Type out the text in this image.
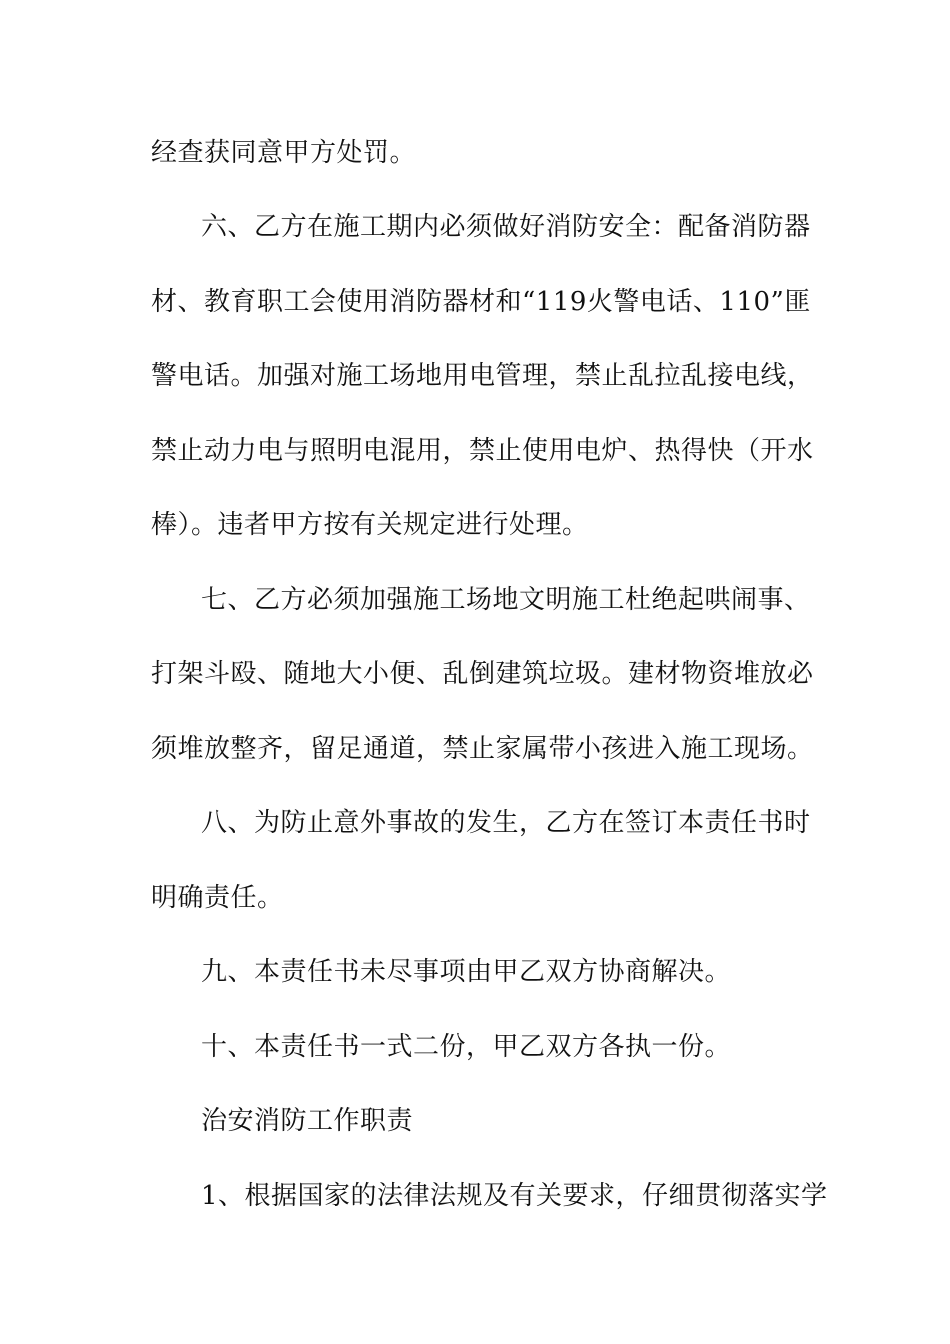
经查获同意甲方处罚。
六、乙方在施工期内必须做好消防安全：配备消防器
材、教育职工会使用消防器材和“119火警电话、110”匪
警电话。加强对施工场地用电管理，禁止乱拉乱接电线，
禁止动力电与照明电混用，禁止使用电炉、热得快（开水
棒）。违者甲方按有关规定进行处理。
七、乙方必须加强施工场地文明施工杜绝起哄闹事、
打架斗殴、随地大小便、乱倒建筑垃圾。建材物资堆放必
须堆放整齐，留足通道，禁止家属带小孩进入施工现场。
八、为防止意外事故的发生，乙方在签订本责任书时
明确责任。
九、本责任书未尽事项由甲乙双方协商解决。
十、本责任书一式二份，甲乙双方各执一份。
治安消防工作职责
1、根据国家的法律法规及有关要求，仔细贯彻落实学
